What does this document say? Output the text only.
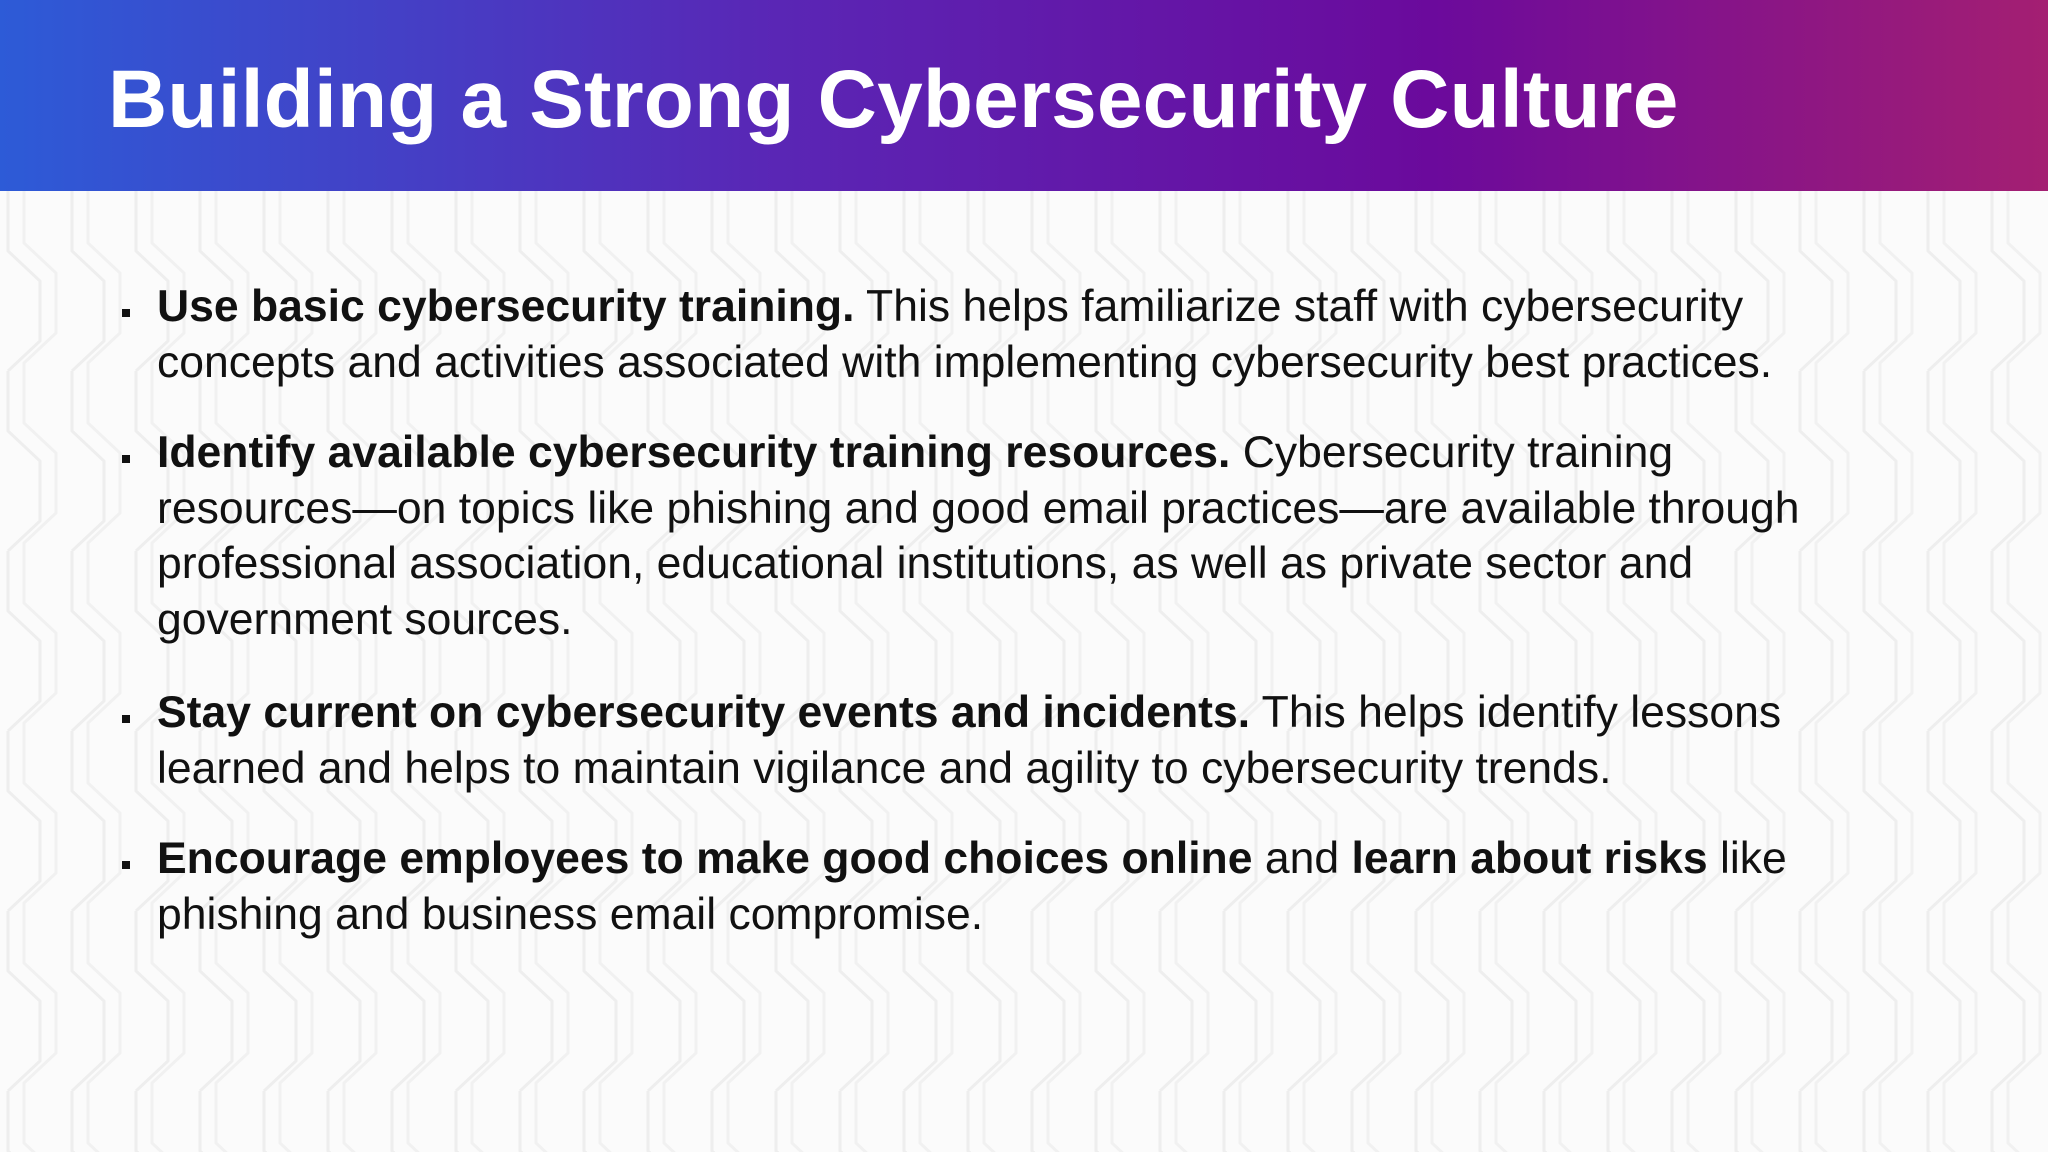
Building a Strong Cybersecurity Culture

Use basic cybersecurity training. This helps familiarize staff with cybersecurity
concepts and activities associated with implementing cybersecurity best practices.

Identify available cybersecurity training resources. Cybersecurity training
resources—on topics like phishing and good email practices—are available through
professional association, educational institutions, as well as private sector and
government sources.

Stay current on cybersecurity events and incidents. This helps identify lessons
learned and helps to maintain vigilance and agility to cybersecurity trends.

Encourage employees to make good choices online and learn about risks like
phishing and business email compromise.
